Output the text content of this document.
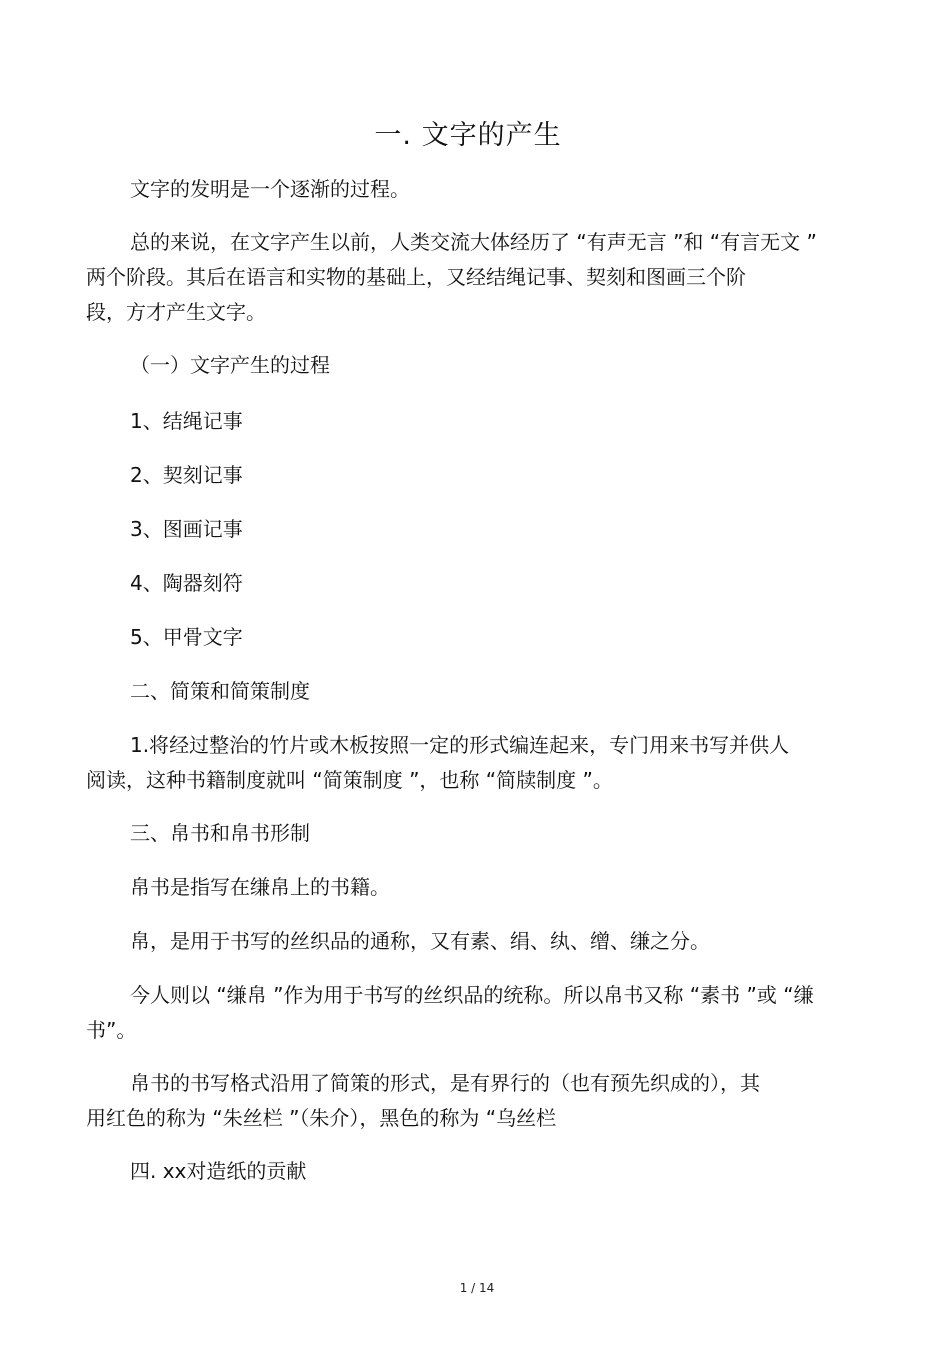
一. 文字的产生
文字的发明是一个逐渐的过程。
总的来说，在文字产生以前，人类交流大体经历了 “有声无言 ”和 “有言无文 ”
两个阶段。其后在语言和实物的基础上，又经结绳记事、契刻和图画三个阶
段，方才产生文字。
（一）文字产生的过程
1、结绳记事
2、契刻记事
3、图画记事
4、陶器刻符
5、甲骨文字
二、简策和简策制度
1.将经过整治的竹片或木板按照一定的形式编连起来，专门用来书写并供人
阅读，这种书籍制度就叫 “简策制度 ”，也称 “简牍制度 ”。
三、帛书和帛书形制
帛书是指写在缣帛上的书籍。
帛，是用于书写的丝织品的通称，又有素、绢、纨、缯、缣之分。
今人则以 “缣帛 ”作为用于书写的丝织品的统称。所以帛书又称 “素书 ”或 “缣
书”。
帛书的书写格式沿用了简策的形式，是有界行的（也有预先织成的），其
用红色的称为 “朱丝栏 ”（朱介），黑色的称为 “乌丝栏
四. xx对造纸的贡献
1 / 14
